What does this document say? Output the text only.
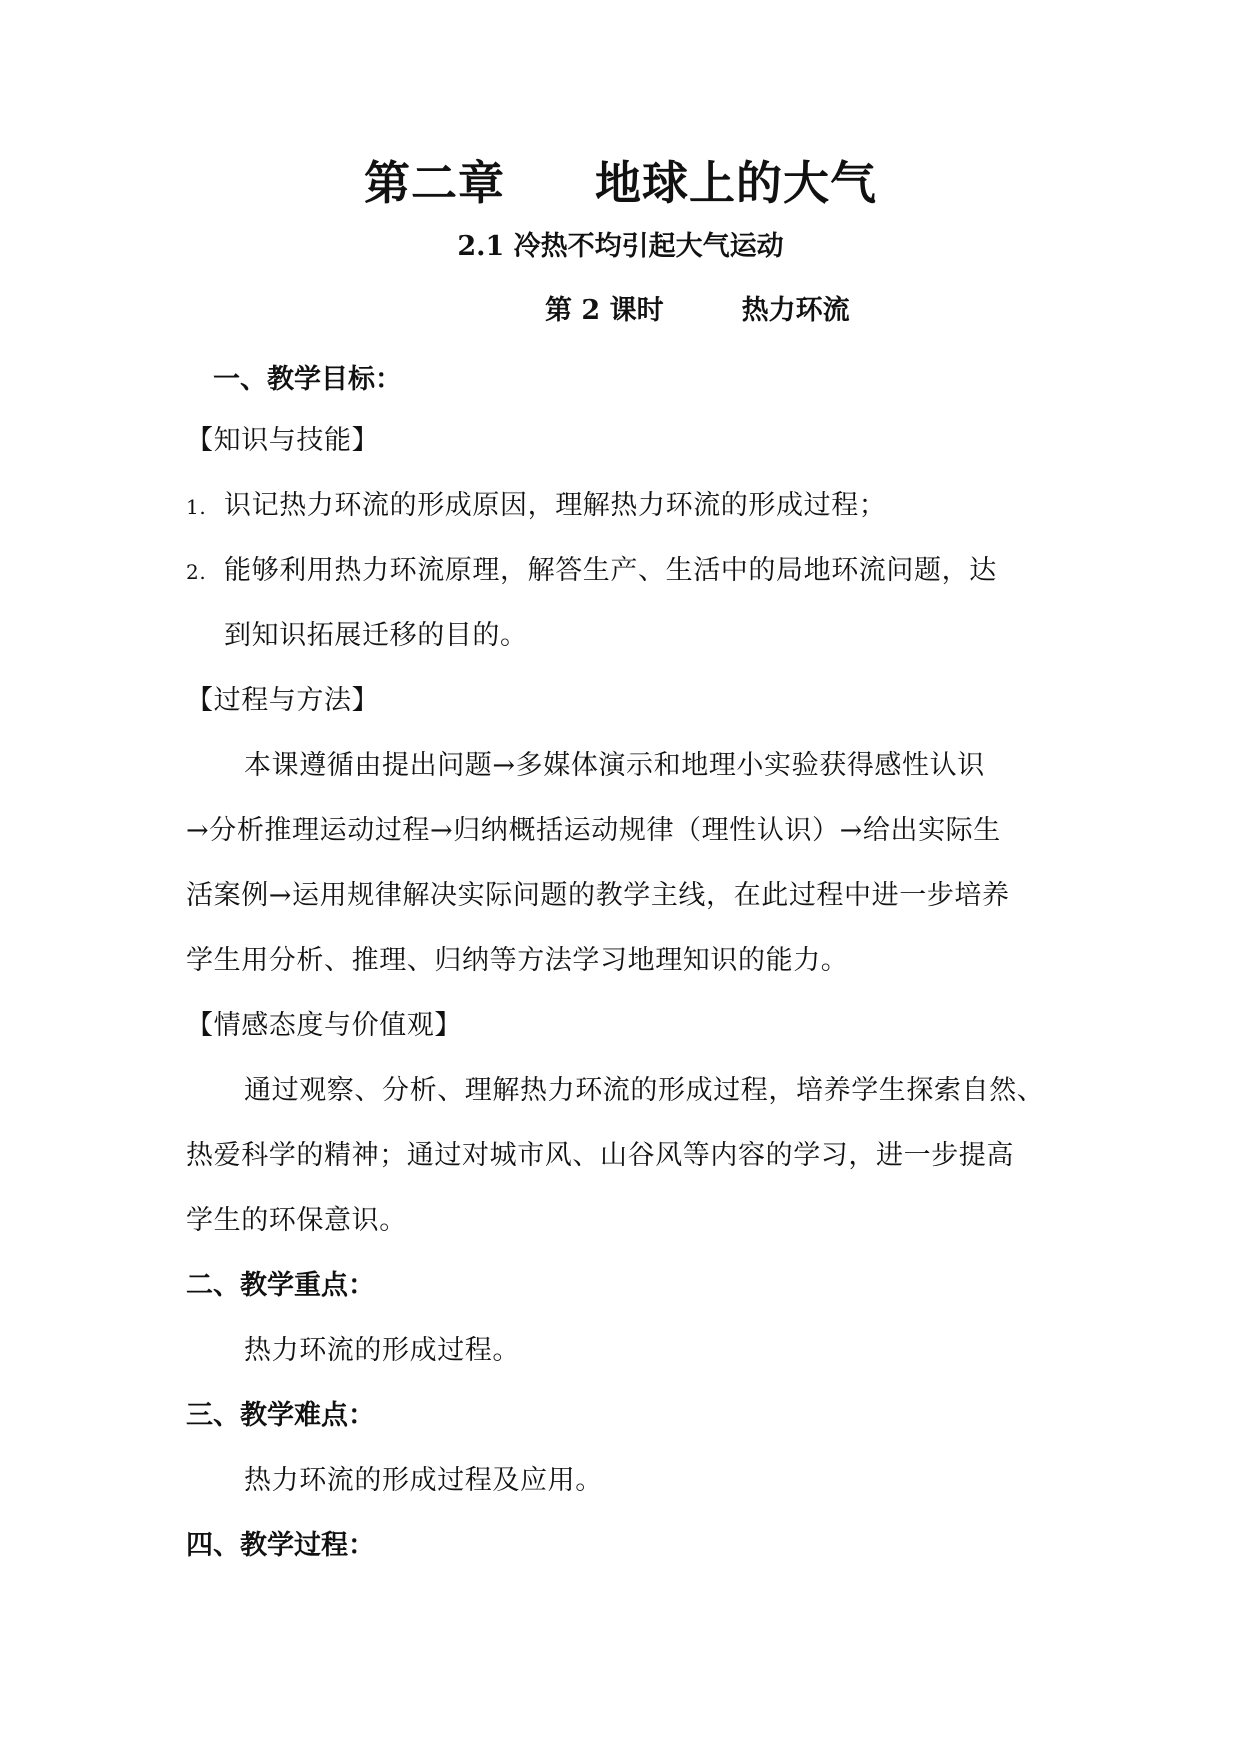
第二章 地球上的大气
2.1 冷热不均引起大气运动
第 2 课时	热力环流
一、教学目标：
【知识与技能】
1. 识记热力环流的形成原因，理解热力环流的形成过程；
2. 能够利用热力环流原理，解答生产、生活中的局地环流问题，达
到知识拓展迁移的目的。
【过程与方法】
本课遵循由提出问题→多媒体演示和地理小实验获得感性认识
→分析推理运动过程→归纳概括运动规律（理性认识）→给出实际生
活案例→运用规律解决实际问题的教学主线，在此过程中进一步培养
学生用分析、推理、归纳等方法学习地理知识的能力。
【情感态度与价值观】
通过观察、分析、理解热力环流的形成过程，培养学生探索自然、
热爱科学的精神；通过对城市风、山谷风等内容的学习，进一步提高
学生的环保意识。
二、教学重点：
热力环流的形成过程。
三、教学难点：
热力环流的形成过程及应用。
四、教学过程：
